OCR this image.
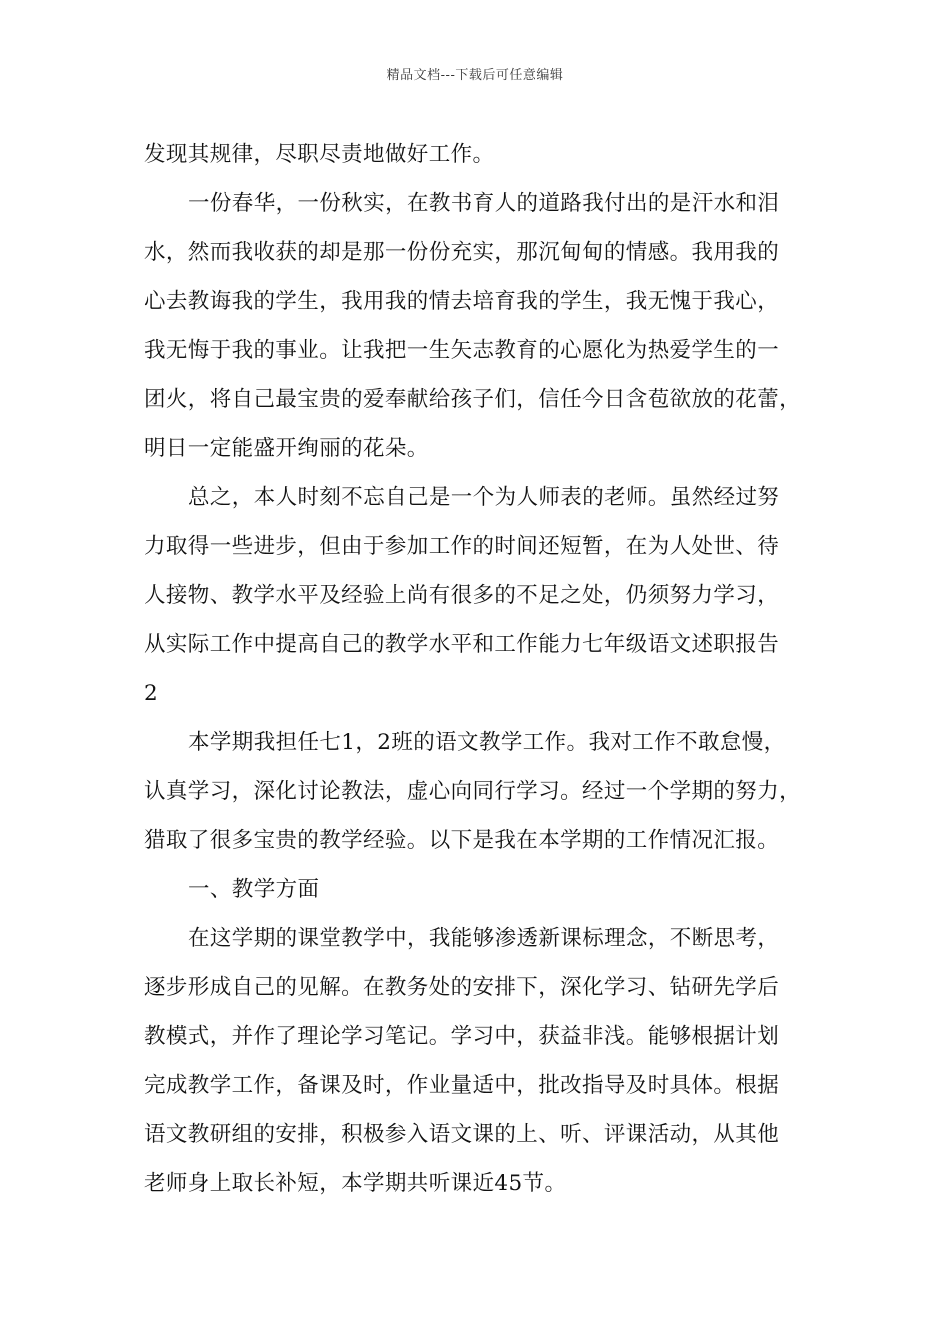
精品文档---下载后可任意编辑
发现其规律，尽职尽责地做好工作。
一份春华，一份秋实，在教书育人的道路我付出的是汗水和泪
水，然而我收获的却是那一份份充实，那沉甸甸的情感。我用我的
心去教诲我的学生，我用我的情去培育我的学生，我无愧于我心，
我无悔于我的事业。让我把一生矢志教育的心愿化为热爱学生的一
团火，将自己最宝贵的爱奉献给孩子们，信任今日含苞欲放的花蕾，
明日一定能盛开绚丽的花朵。
总之，本人时刻不忘自己是一个为人师表的老师。虽然经过努
力取得一些进步，但由于参加工作的时间还短暂，在为人处世、待
人接物、教学水平及经验上尚有很多的不足之处，仍须努力学习，
从实际工作中提高自己的教学水平和工作能力七年级语文述职报告
2
本学期我担任七1，2班的语文教学工作。我对工作不敢怠慢，
认真学习，深化讨论教法，虚心向同行学习。经过一个学期的努力，
猎取了很多宝贵的教学经验。以下是我在本学期的工作情况汇报。
一、教学方面
在这学期的课堂教学中，我能够渗透新课标理念，不断思考，
逐步形成自己的见解。在教务处的安排下，深化学习、钻研先学后
教模式，并作了理论学习笔记。学习中，获益非浅。能够根据计划
完成教学工作，备课及时，作业量适中，批改指导及时具体。根据
语文教研组的安排，积极参入语文课的上、听、评课活动，从其他
老师身上取长补短，本学期共听课近45节。
